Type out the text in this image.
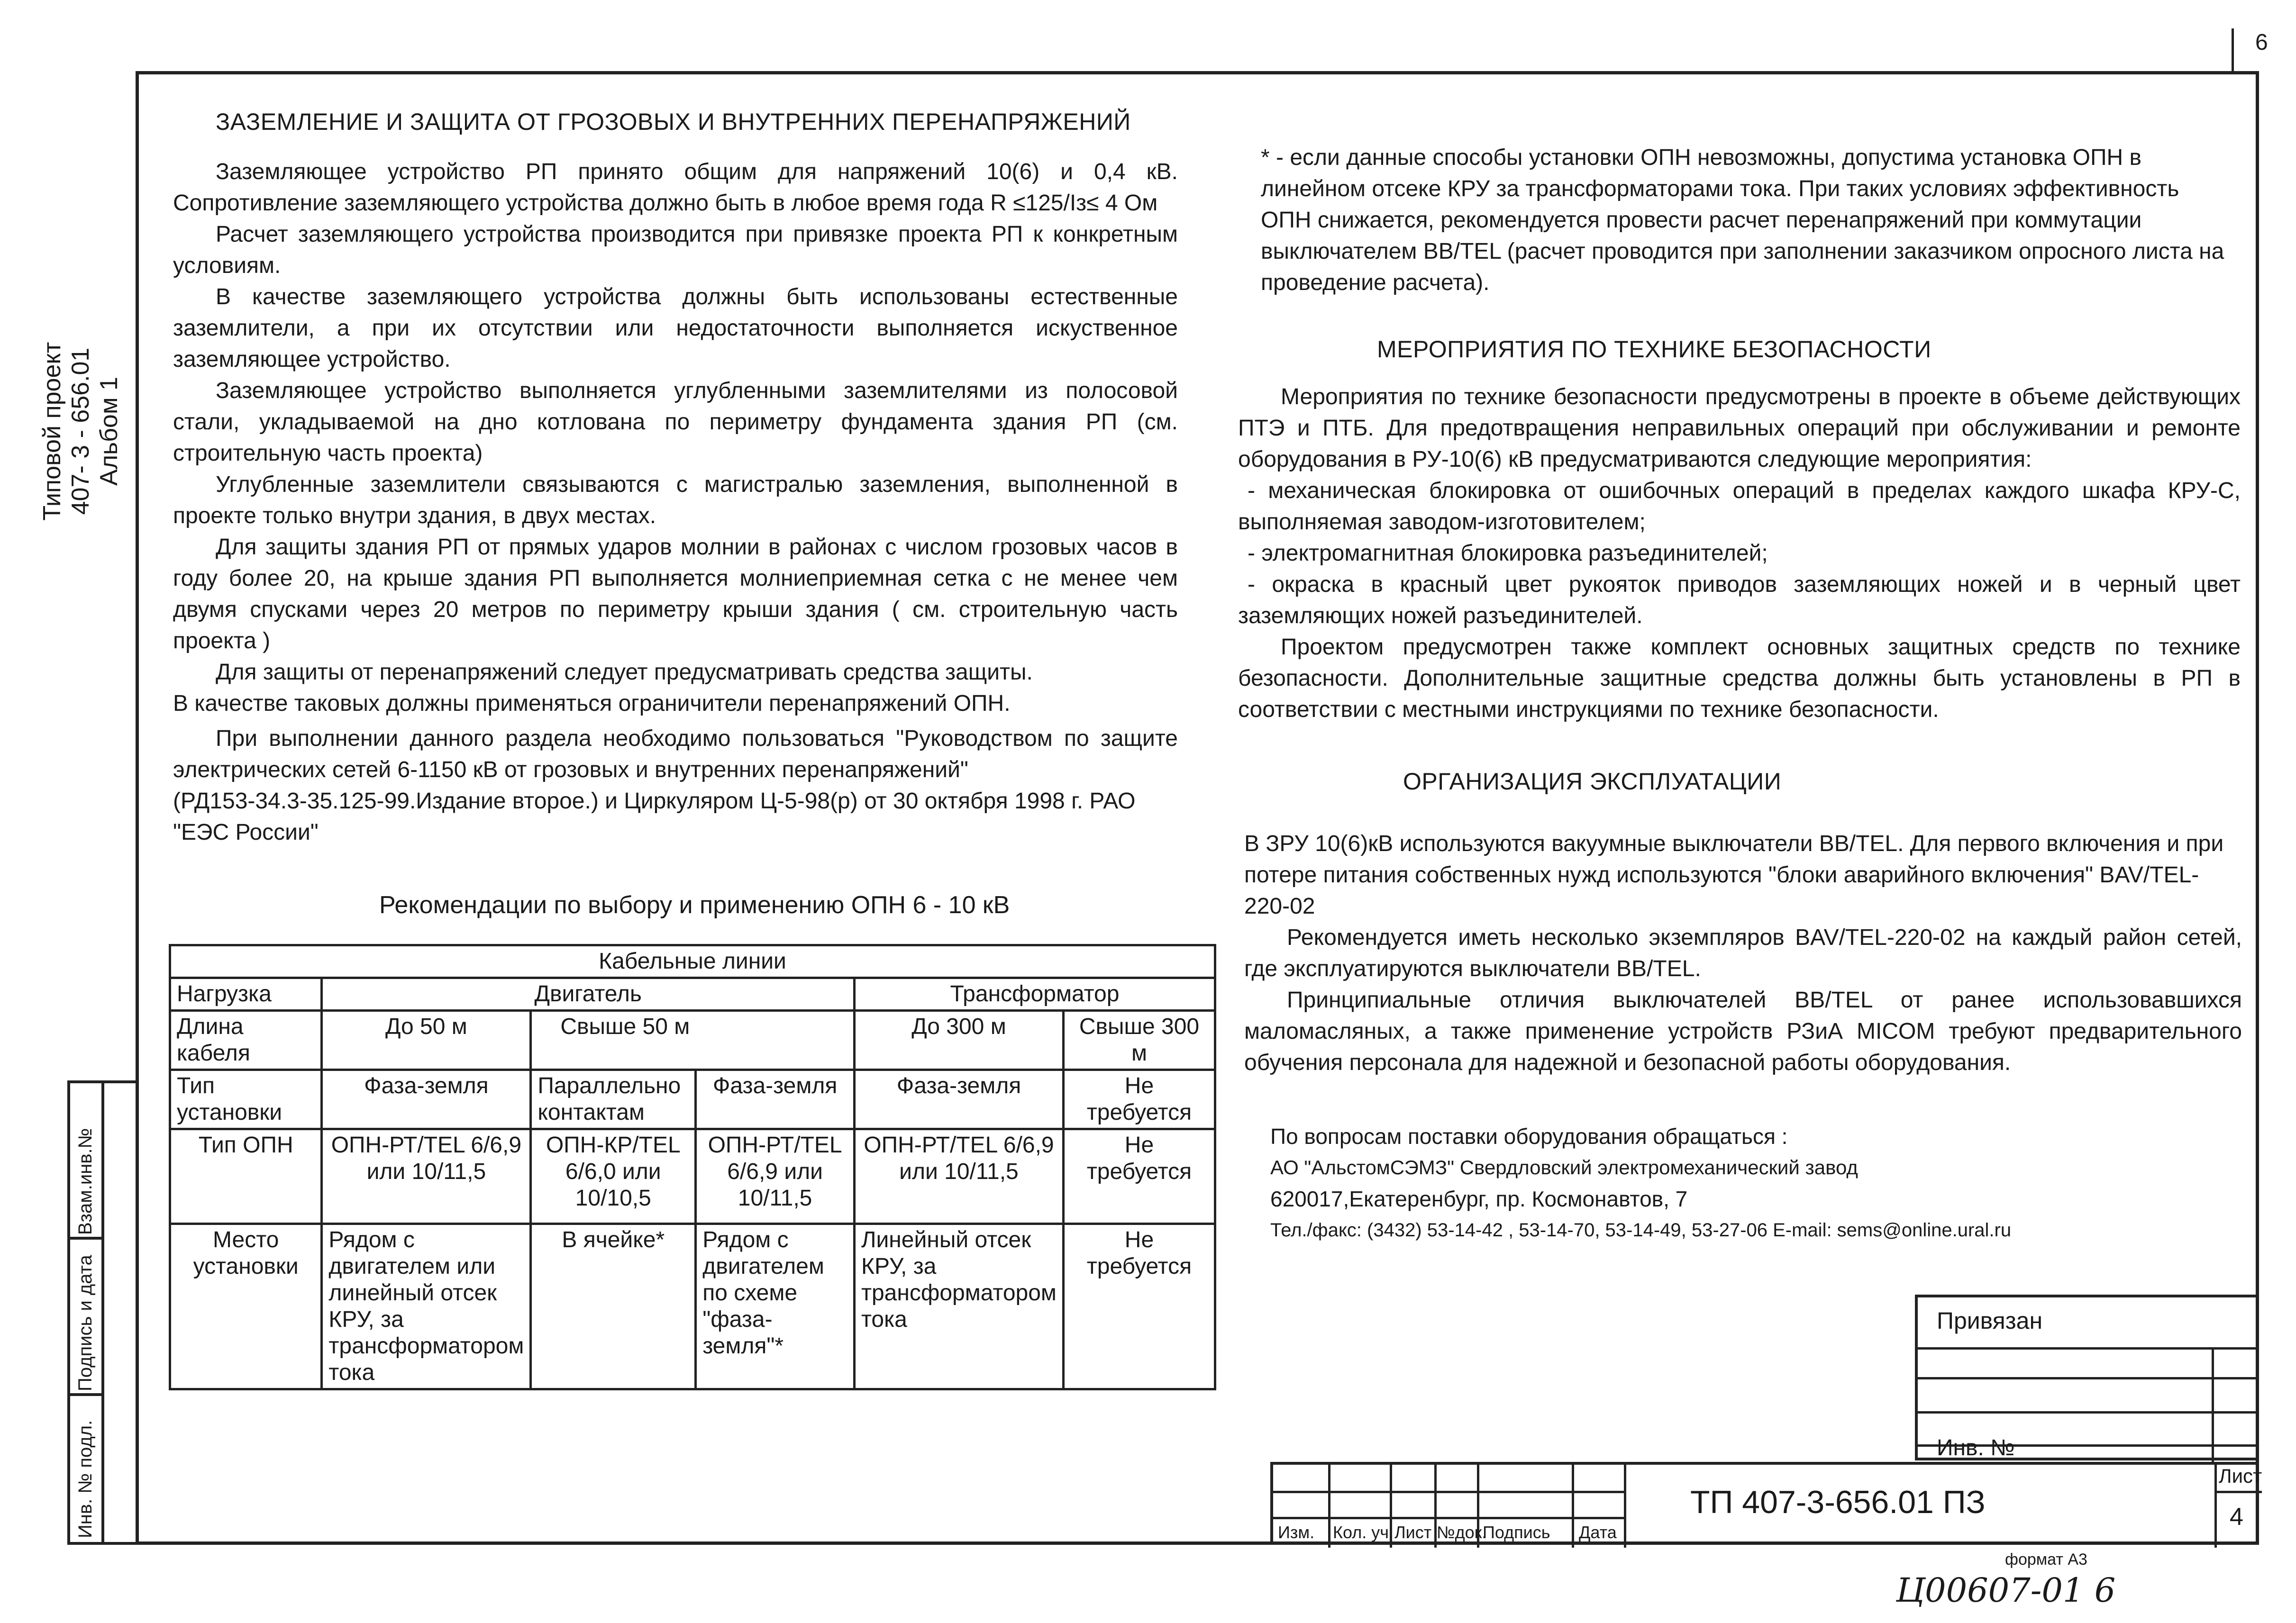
6
Типовой проект 407- 3 - 656.01 Альбом 1
Взам.инв.№
Подпись и дата
Инв. № подл.
ЗАЗЕМЛЕНИЕ И ЗАЩИТА ОТ ГРОЗОВЫХ И ВНУТРЕННИХ ПЕРЕНАПРЯЖЕНИЙ

Заземляющее устройство РП принято общим для напряжений 10(6) и 0,4 кВ. Сопротивление заземляющего устройства должно быть в любое время года R ≤125/Iз≤ 4 Ом

Расчет заземляющего устройства производится при привязке проекта РП к конкретным условиям.

В качестве заземляющего устройства должны быть использованы естественные заземлители, а при их отсутствии или недостаточности выполняется искуственное заземляющее устройство.

Заземляющее устройство выполняется углубленными заземлителями из полосовой стали, укладываемой на дно котлована по периметру фундамента здания РП (см. строительную часть проекта)

Углубленные заземлители связываются с магистралью заземления, выполненной в проекте только внутри здания, в двух местах.

Для защиты здания РП от прямых ударов молнии в районах с числом грозовых часов в году более 20, на крыше здания РП выполняется молниеприемная сетка с не менее чем двумя спусками через 20 метров по периметру крыши здания ( см. строительную часть проекта )

Для защиты от перенапряжений следует предусматривать средства защиты.

В качестве таковых должны применяться ограничители перенапряжений ОПН.

При выполнении данного раздела необходимо пользоваться "Руководством по защите электрических сетей 6-1150 кВ от грозовых и внутренних перенапряжений"

(РД153-34.3-35.125-99.Издание второе.) и Циркуляром Ц-5-98(р) от 30 октября 1998 г. РАО "ЕЭС России"

Рекомендации по выбору и применению ОПН 6 - 10 кВ
Кабельные линии					
Нагрузка	Двигатель			Трансформатор	
Длина кабеля	До 50 м	Свыше 50 м		До 300 м	Свыше 300 м
Тип установки	Фаза-земля	Параллельно контактам	Фаза-земля	Фаза-земля	Не требуется
Тип ОПН	ОПН-РТ/TEL 6/6,9 или 10/11,5	ОПН-КР/TEL 6/6,0 или 10/10,5	ОПН-РТ/TEL 6/6,9 или 10/11,5	ОПН-РТ/TEL 6/6,9 или 10/11,5	Не требуется
Место установки	Рядом с двигателем или линейный отсек КРУ, за трансформатором тока	В ячейке*	Рядом с двигателем по схеме "фаза-земля"*	Линейный отсек КРУ, за трансформатором тока	Не требуется

* - если данные способы установки ОПН невозможны, допустима установка ОПН в линейном отсеке КРУ за трансформаторами тока. При таких условиях эффективность ОПН снижается, рекомендуется провести расчет перенапряжений при коммутации выключателем ВВ/TEL (расчет проводится при заполнении заказчиком опросного листа на проведение расчета).

МЕРОПРИЯТИЯ ПО ТЕХНИКЕ БЕЗОПАСНОСТИ

Мероприятия по технике безопасности предусмотрены в проекте в объеме действующих ПТЭ и ПТБ. Для предотвращения неправильных операций при обслуживании и ремонте оборудования в РУ-10(6) кВ предусматриваются следующие мероприятия:

- механическая блокировка от ошибочных операций в пределах каждого шкафа КРУ-С, выполняемая заводом-изготовителем;

- электромагнитная блокировка разъединителей;

- окраска в красный цвет рукояток приводов заземляющих ножей и в черный цвет заземляющих ножей разъединителей.

Проектом предусмотрен также комплект основных защитных средств по технике безопасности. Дополнительные защитные средства должны быть установлены в РП в соответствии с местными инструкциями по технике безопасности.

ОРГАНИЗАЦИЯ ЭКСПЛУАТАЦИИ

В ЗРУ 10(6)кВ используются вакуумные выключатели ВВ/TEL. Для первого включения и при потере питания собственных нужд используются "блоки аварийного включения" BAV/TEL-220-02

Рекомендуется иметь несколько экземпляров BAV/TEL-220-02 на каждый район сетей, где эксплуатируются выключатели ВВ/TEL.

Принципиальные отличия выключателей ВВ/TEL от ранее использовавшихся маломасляных, а также применение устройств РЗиА MICOM требуют предварительного обучения персонала для надежной и безопасной работы оборудования.

По вопросам поставки оборудования обращаться :
АО "АльстомСЭМЗ" Свердловский электромеханический завод
620017,Екатеренбург, пр. Космонавтов, 7
Тел./факс: (3432) 53-14-42 , 53-14-70, 53-14-49, 53-27-06 E-mail: sems@online.ural.ru
Привязан
Инв. №
Изм. Кол. уч. Лист №док.
Подпись Дата
ТП 407-3-656.01 ПЗ
Лист
4
формат А3
Ц00607-01 6
